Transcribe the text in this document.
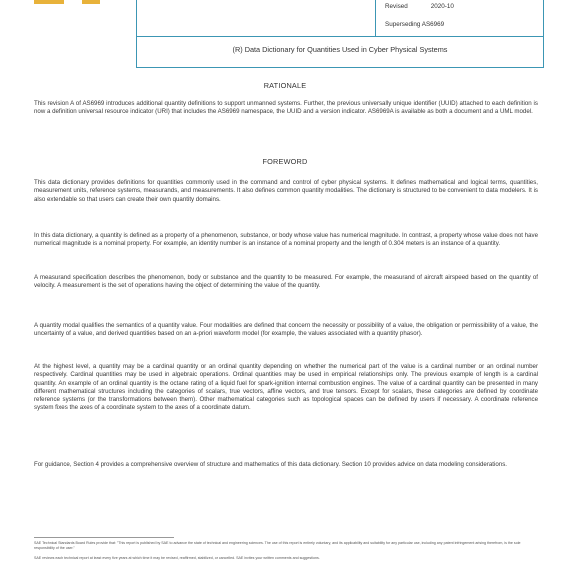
Revised	2020-10
Superseding AS6969
(R) Data Dictionary for Quantities Used in Cyber Physical Systems
RATIONALE

This revision A of AS6969 introduces additional quantity definitions to support unmanned systems. Further, the previous universally unique identifier (UUID) attached to each definition is now a definition universal resource indicator (URI) that includes the AS6969 namespace, the UUID and a version indicator. AS6969A is available as both a document and a UML model.

FOREWORD

This data dictionary provides definitions for quantities commonly used in the command and control of cyber physical systems. It defines mathematical and logical terms, quantities, measurement units, reference systems, measurands, and measurements. It also defines common quantity modalities. The dictionary is structured to be convenient to data modelers. It is also extendable so that users can create their own quantity domains.

In this data dictionary, a quantity is defined as a property of a phenomenon, substance, or body whose value has numerical magnitude. In contrast, a property whose value does not have numerical magnitude is a nominal property. For example, an identity number is an instance of a nominal property and the length of 0.304 meters is an instance of a quantity.

A measurand specification describes the phenomenon, body or substance and the quantity to be measured. For example, the measurand of aircraft airspeed based on the quantity of velocity. A measurement is the set of operations having the object of determining the value of the quantity.

A quantity modal qualifies the semantics of a quantity value. Four modalities are defined that concern the necessity or possibility of a value, the obligation or permissibility of a value, the uncertainty of a value, and derived quantities based on an a-priori waveform model (for example, the values associated with a quantity phasor).

At the highest level, a quantity may be a cardinal quantity or an ordinal quantity depending on whether the numerical part of the value is a cardinal number or an ordinal number respectively. Cardinal quantities may be used in algebraic operations. Ordinal quantities may be used in empirical relationships only. The previous example of length is a cardinal quantity. An example of an ordinal quantity is the octane rating of a liquid fuel for spark-ignition internal combustion engines. The value of a cardinal quantity can be presented in many different mathematical structures including the categories of scalars, true vectors, affine vectors, and true tensors. Except for scalars, these categories are defined by coordinate reference systems (or the transformations between them). Other mathematical categories such as topological spaces can be defined by users if necessary. A coordinate reference system fixes the axes of a coordinate system to the axes of a coordinate datum.

For guidance, Section 4 provides a comprehensive overview of structure and mathematics of this data dictionary. Section 10 provides advice on data modeling considerations.

SAE Technical Standards Board Rules provide that: "This report is published by SAE to advance the state of technical and engineering sciences. The use of this report is entirely voluntary, and its applicability and suitability for any particular use, including any patent infringement arising therefrom, is the sole responsibility of the user."

SAE reviews each technical report at least every five years at which time it may be revised, reaffirmed, stabilized, or cancelled. SAE invites your written comments and suggestions.
